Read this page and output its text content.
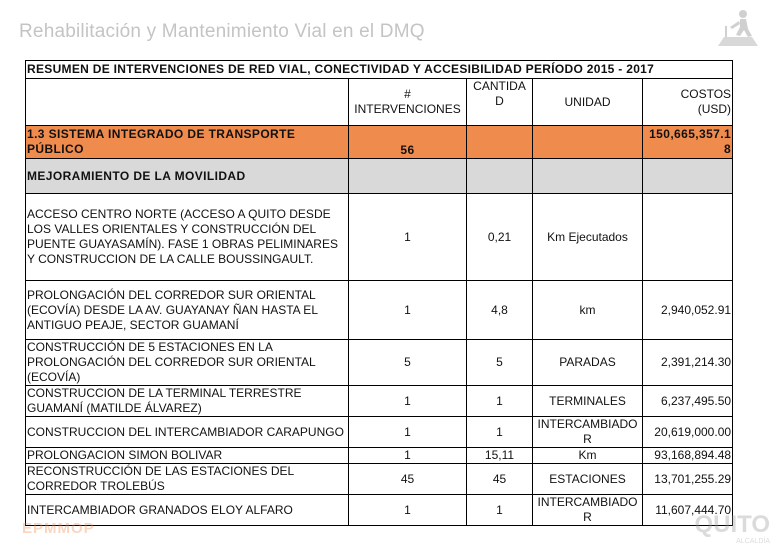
Rehabilitación y Mantenimiento Vial en el DMQ
RESUMEN DE INTERVENCIONES DE RED VIAL, CONECTIVIDAD Y ACCESIBILIDAD PERÍODO 2015 - 2017				

	# INTERVENCIONES	CANTIDA D	UNIDAD	COSTOS (USD)
1.3 SISTEMA INTEGRADO DE TRANSPORTE PÚBLICO	56			150,665,357.18
MEJORAMIENTO DE LA MOVILIDAD				
ACCESO CENTRO NORTE (ACCESO A QUITO DESDE LOS VALLES ORIENTALES Y CONSTRUCCIÓN DEL PUENTE GUAYASAMÍN). FASE 1 OBRAS PELIMINARES Y CONSTRUCCION DE LA CALLE BOUSSINGAULT.	1	0,21	Km Ejecutados	
PROLONGACIÓN DEL CORREDOR SUR ORIENTAL (ECOVÍA) DESDE LA AV. GUAYANAY ÑAN HASTA EL ANTIGUO PEAJE, SECTOR GUAMANÍ	1	4,8	km	2,940,052.91
CONSTRUCCIÓN DE 5 ESTACIONES EN LA PROLONGACIÓN DEL CORREDOR SUR ORIENTAL (ECOVÍA)	5	5	PARADAS	2,391,214.30
CONSTRUCCION DE LA TERMINAL TERRESTRE GUAMANÍ (MATILDE ÁLVAREZ)	1	1	TERMINALES	6,237,495.50
CONSTRUCCION DEL INTERCAMBIADOR CARAPUNGO	1	1	INTERCAMBIADO R	20,619,000.00
PROLONGACION SIMON BOLIVAR	1	15,11	Km	93,168,894.48
RECONSTRUCCIÓN DE LAS ESTACIONES DEL CORREDOR TROLEBÚS	45	45	ESTACIONES	13,701,255.29
INTERCAMBIADOR GRANADOS ELOY ALFARO	1	1	INTERCAMBIADO R	11,607,444.70
EPMMOP	QUITO
ALCALDÍA
